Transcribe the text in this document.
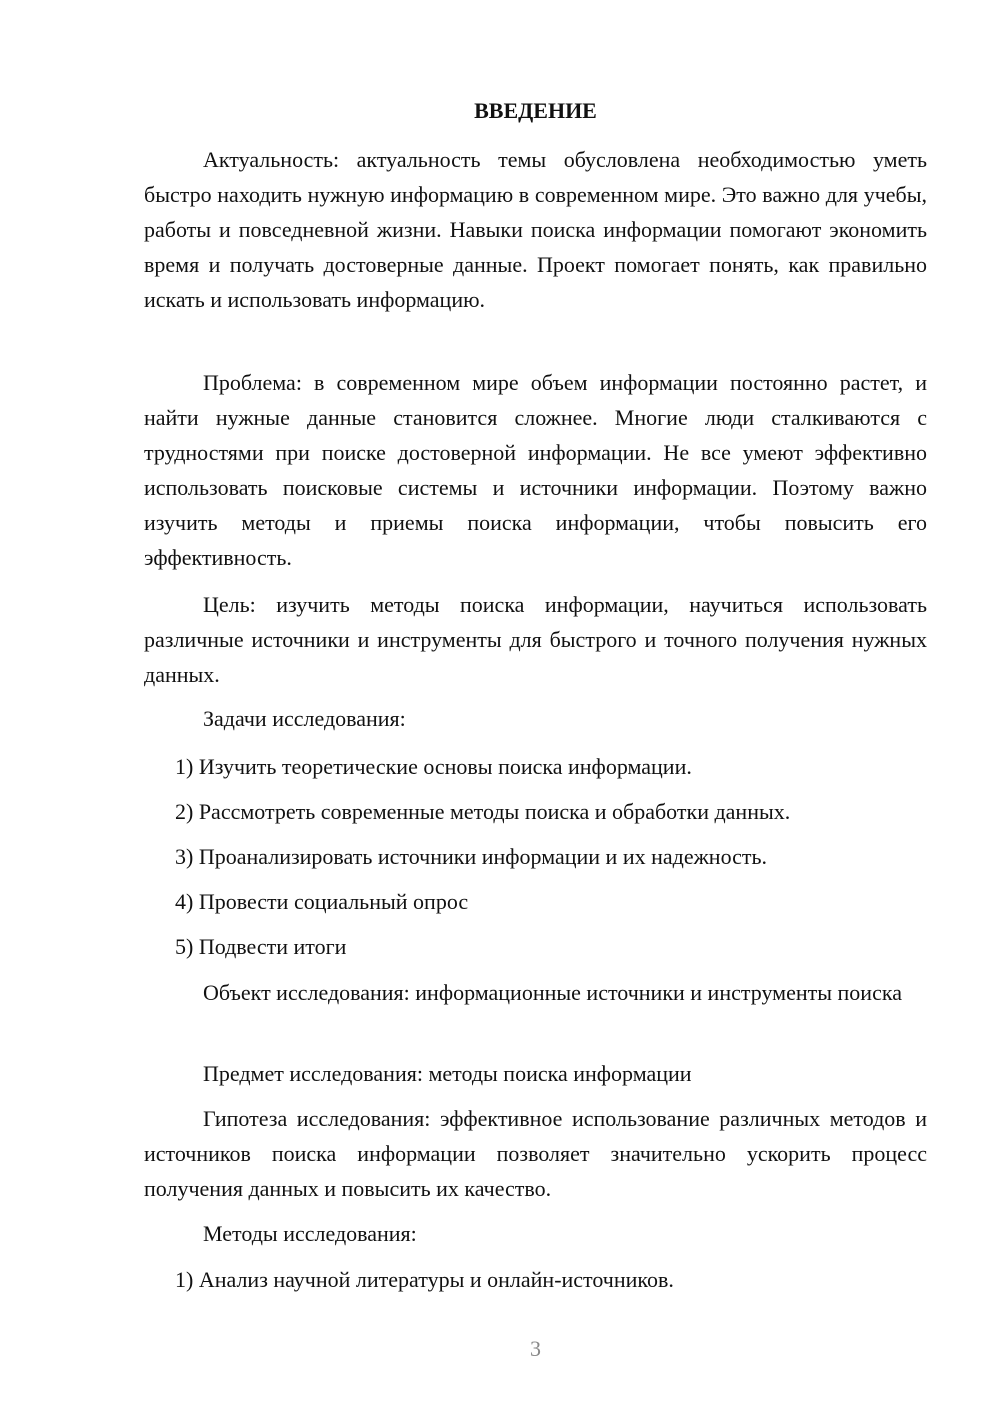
ВВЕДЕНИЕ

Актуальность: актуальность темы обусловлена необходимостью уметь быстро находить нужную информацию в современном мире. Это важно для учебы, работы и повседневной жизни. Навыки поиска информации помогают экономить время и получать достоверные данные. Проект помогает понять, как правильно искать и использовать информацию.

Проблема: в современном мире объем информации постоянно растет, и найти нужные данные становится сложнее. Многие люди сталкиваются с трудностями при поиске достоверной информации. Не все умеют эффективно использовать поисковые системы и источники информации. Поэтому важно изучить методы и приемы поиска информации, чтобы повысить его эффективность.

Цель: изучить методы поиска информации, научиться использовать различные источники и инструменты для быстрого и точного получения нужных данных.

Задачи исследования:

1) Изучить теоретические основы поиска информации.

2) Рассмотреть современные методы поиска и обработки данных.

3) Проанализировать источники информации и их надежность.

4) Провести социальный опрос

5) Подвести итоги

Объект исследования: информационные источники и инструменты поиска

Предмет исследования: методы поиска информации

Гипотеза исследования: эффективное использование различных методов и источников поиска информации позволяет значительно ускорить процесс получения данных и повысить их качество.

Методы исследования:

1) Анализ научной литературы и онлайн-источников.

3
